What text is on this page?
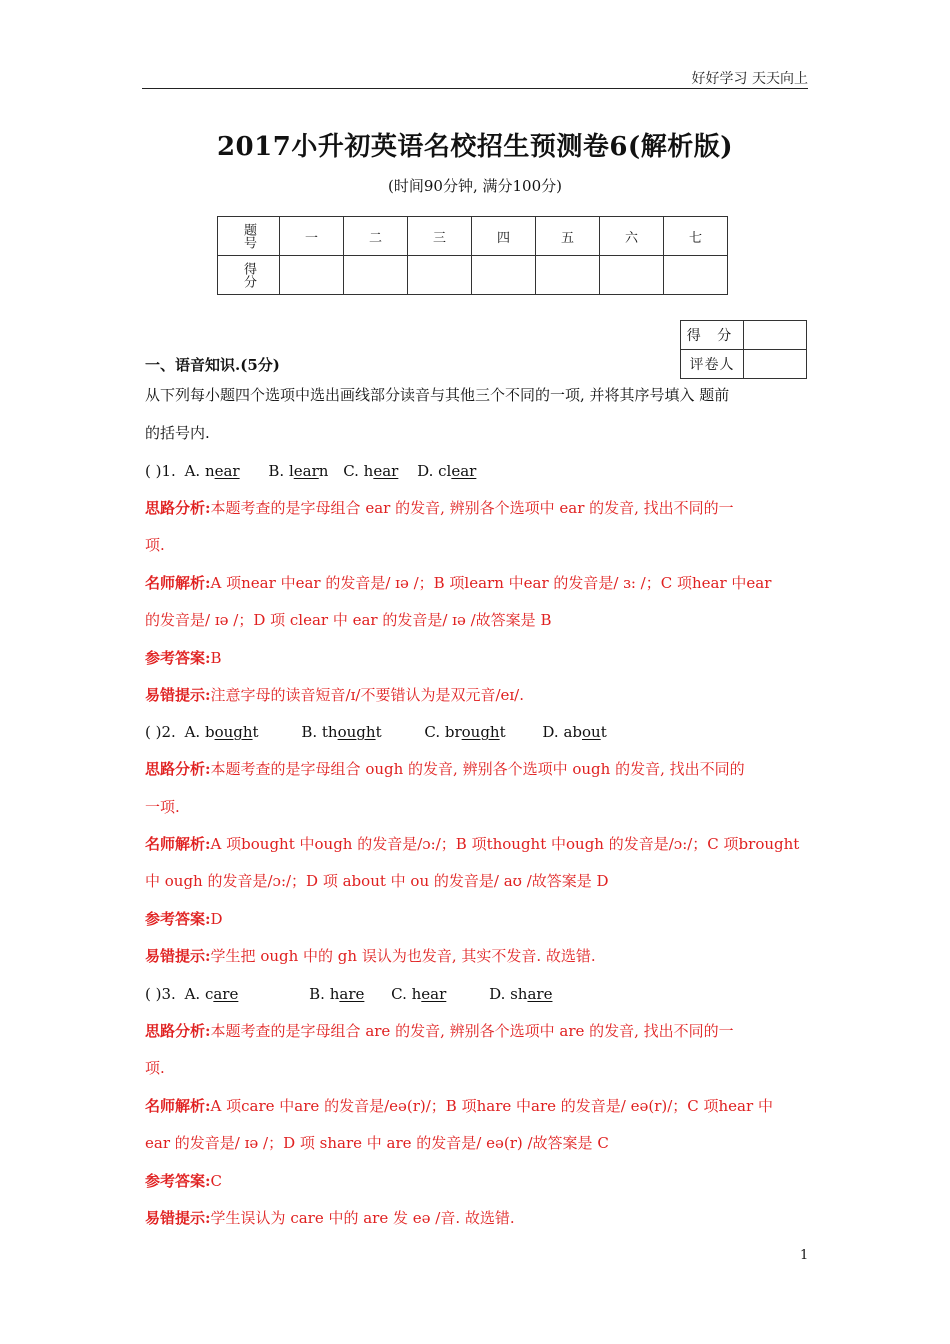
好好学习 天天向上
2017小升初英语名校招生预测卷6(解析版)
(时间90分钟, 满分100分)
题号	一	二	三	四	五	六	七
得分							
得 分	
评卷人	
一、语音知识.(5分)
从下列每小题四个选项中选出画线部分读音与其他三个不同的一项, 并将其序号填入 题前
的括号内.
( )1. A. near B. learn C. hear D. clear
思路分析:本题考查的是字母组合 ear 的发音, 辨别各个选项中 ear 的发音, 找出不同的一
项.
名师解析:A 项near 中ear 的发音是/ ɪə /；B 项learn 中ear 的发音是/ ɜ: /；C 项hear 中ear
的发音是/ ɪə /；D 项 clear 中 ear 的发音是/ ɪə /故答案是 B
参考答案:B
易错提示:注意字母的读音短音/ɪ/不要错认为是双元音/eɪ/.
( )2. A. bought	B. thought	C. brought D. about
思路分析:本题考查的是字母组合 ough 的发音, 辨别各个选项中 ough 的发音, 找出不同的
一项.
名师解析:A 项bought 中ough 的发音是/ɔ:/；B 项thought 中ough 的发音是/ɔ:/；C 项brought
中 ough 的发音是/ɔ:/；D 项 about 中 ou 的发音是/ aʊ /故答案是 D
参考答案:D
易错提示:学生把 ough 中的 gh 误认为也发音, 其实不发音. 故选错.
( )3. A. care	B. hare C. hear	D. share
思路分析:本题考查的是字母组合 are 的发音, 辨别各个选项中 are 的发音, 找出不同的一
项.
名师解析:A 项care 中are 的发音是/eə(r)/；B 项hare 中are 的发音是/ eə(r)/；C 项hear 中
ear 的发音是/ ɪə /；D 项 share 中 are 的发音是/ eə(r) /故答案是 C
参考答案:C
易错提示:学生误认为 care 中的 are 发 eə /音. 故选错.
1
